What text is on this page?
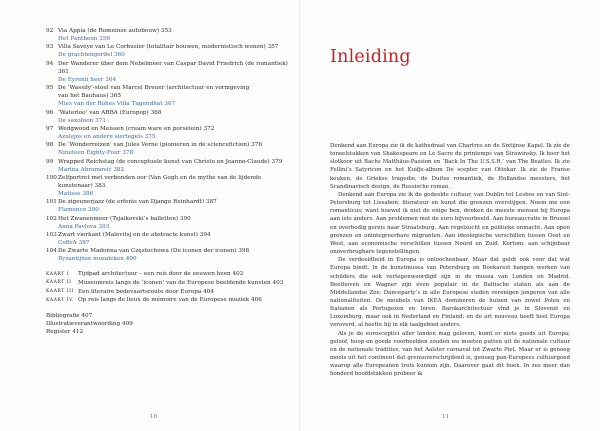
92 Via Appia (de Romeinse autobouw) 353
Het Pantheon 356
93 Villa Savoye van Le Corbusier (totalitair bouwen, modernistisch wonen) 357
De grachtengordel 360
94 Der Wanderer über dem Nebelmeer van Caspar David Friedrich (de romantiek) 361
De Eyrenii heer 364
95 De ‘Wassily’-stoel van Marcel Breuer (architectuur en vormgeving
van het Bauhaus) 365
Mies van der Rohes Villa Tugendhat 367
96 ‘Waterloo’ van ABBA (Europop) 368
De saxofoon 371
97 Wedgwood en Meissen (cream ware en porselein) 372
Azulejos en andere siertegels 375
98 De ‘Wonderreizen’ van Jules Verne (pionieren in de sciencefiction) 376
Nineteen Eighty-Four 378
99 Wrapped Reichstag (de conceptuele kunst van Christo en Jeanne-Claude) 379
Marina Abramović 382
100 Zelfportret met verbonden oor (Van Gogh en de mythe van de lijdende
kunstenaar) 383
Matisse 386
101 De zigeunerjazz (de erfenis van Django Reinhardt) 387
Flamenco 390
102 Het Zwanenmeer (Tsjaikovski’s balletten) 390
Anna Pavlova 393
103 Zwart vierkant (Malevitsj en de abstracte kunst) 394
CoBrA 397
104 De Zwarte Madonna van Częstochowa (De iconen der iconen) 398
Byzantijnse mozaïeken 400
KAART I	Tijdpad architectuur – een reis door de eeuwen heen 402
KAART II	Museumreis langs de ‘iconen’ van de Europese beeldende kunsten 403
KAART III Een literaire bedevaartsroute door Europa 404
KAART IV Op reis langs de lieux de mémoire van de Europese muziek 406
Bibliografie 407
Illustratieverantwoording 409
Register 412
10	11
Inleiding

Denkend aan Europa zie ik de kathedraal van Chartres en de Sixtijnse Kapel. Ik zie de toneelstukken van Shakespeare en Le Sacre du printemps van Strawinsky. Ik hoor het slotkoor uit Bachs Matthäus-Passion en ‘Back In The U.S.S.R.’ van The Beatles. Ik zie Fellini’s Satyricon en het Kuifje-album De scepter van Ottokar. Ik zie de Franse keuken, de Griekse tragedie, de Duitse romantiek, de Hollandse meesters, het Scandinavisch design, de Russische roman.

Denkend aan Europa zie ik de gedeelde cultuur, van Dublin tot Lesbos en van Sint-Petersburg tot Lissabon; literatuur en kunst die grenzen overstijgen. Noem me een romanticus; want hoewel ik niet de enige ben, denken de meeste mensen bij Europa aan iets anders. Aan problemen met de euro bijvoorbeeld. Aan bureaucratie in Brussel en overbodig gereis naar Straatsburg. Aan regelzucht en politieke onmacht. Aan open grenzen en onintegreerbare migranten. Aan ideologische verschillen tussen Oost en West, aan economische verschillen tussen Noord en Zuid. Kortom: aan schijnbaar onoverbrugbare tegenstellingen.

De verdeeldheid in Europa is onloochenbaar. Maar dat geldt ook voor dat wat Europa bindt. In de kunstmusea van Petersburg en Boekarest hangen werken van schilders die ook vertegenwoordigd zijn in de musea van Londen en Madrid. Beethoven en Wagner zijn even populair in de Baltische staten als aan de Middellandse Zee. Danceparty’s in alle Europese steden verenigen jongeren van alle nationaliteiten. De meubels van IKEA domineren de huizen van zowel Polen en Italianen als Portugezen en Ieren. Barokarchitectuur vind je in Slovenië en Luxemburg, maar ook in Nederland en Finland; en de art nouveau heeft heel Europa veroverd, al heette hij in elk taalgebied anders.

Als je de eurosceptici aller landen mag geloven, komt er niets goeds uit Europa; geloof, hoop en goede voorbeelden zouden we moeten putten uit de nationale cultuur en de nationale tradities, van het Aalster carnaval tot Zwarte Piet. Maar er is genoeg moois uit het continent dat grensoverschrijdend is, genoeg pan-Europees cultuurgoed waarop alle Europeanen trots kunnen zijn. Daarover gaat dit boek. In zes meer dan honderd hoofdstukken probeer ik
